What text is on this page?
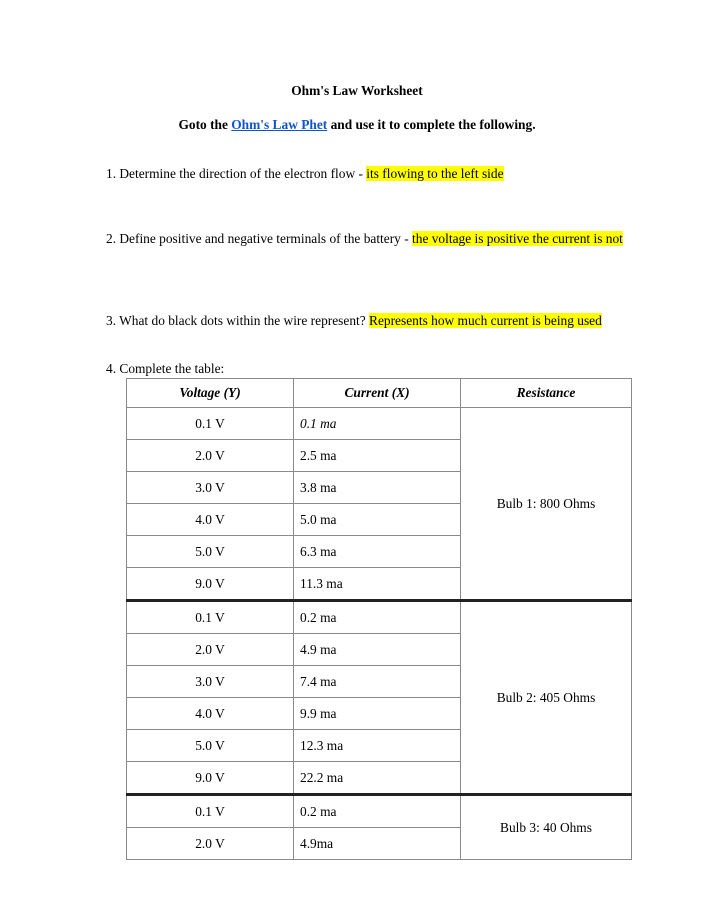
Ohm's Law Worksheet
Goto the Ohm's Law Phet and use it to complete the following.
1. Determine the direction of the electron flow - its flowing to the left side
2. Define positive and negative terminals of the battery - the voltage is positive the current is not
3. What do black dots within the wire represent? Represents how much current is being used
4. Complete the table:
Voltage (Y)	Current (X)	Resistance
0.1 V	0.1 ma	Bulb 1: 800 Ohms
2.0 V	2.5 ma	
3.0 V	3.8 ma	
4.0 V	5.0 ma	
5.0 V	6.3 ma	
9.0 V	11.3 ma	
0.1 V	0.2 ma	Bulb 2: 405 Ohms
2.0 V	4.9 ma	
3.0 V	7.4 ma	
4.0 V	9.9 ma	
5.0 V	12.3 ma	
9.0 V	22.2 ma	
0.1 V	0.2 ma	Bulb 3: 40 Ohms
2.0 V	4.9ma	
